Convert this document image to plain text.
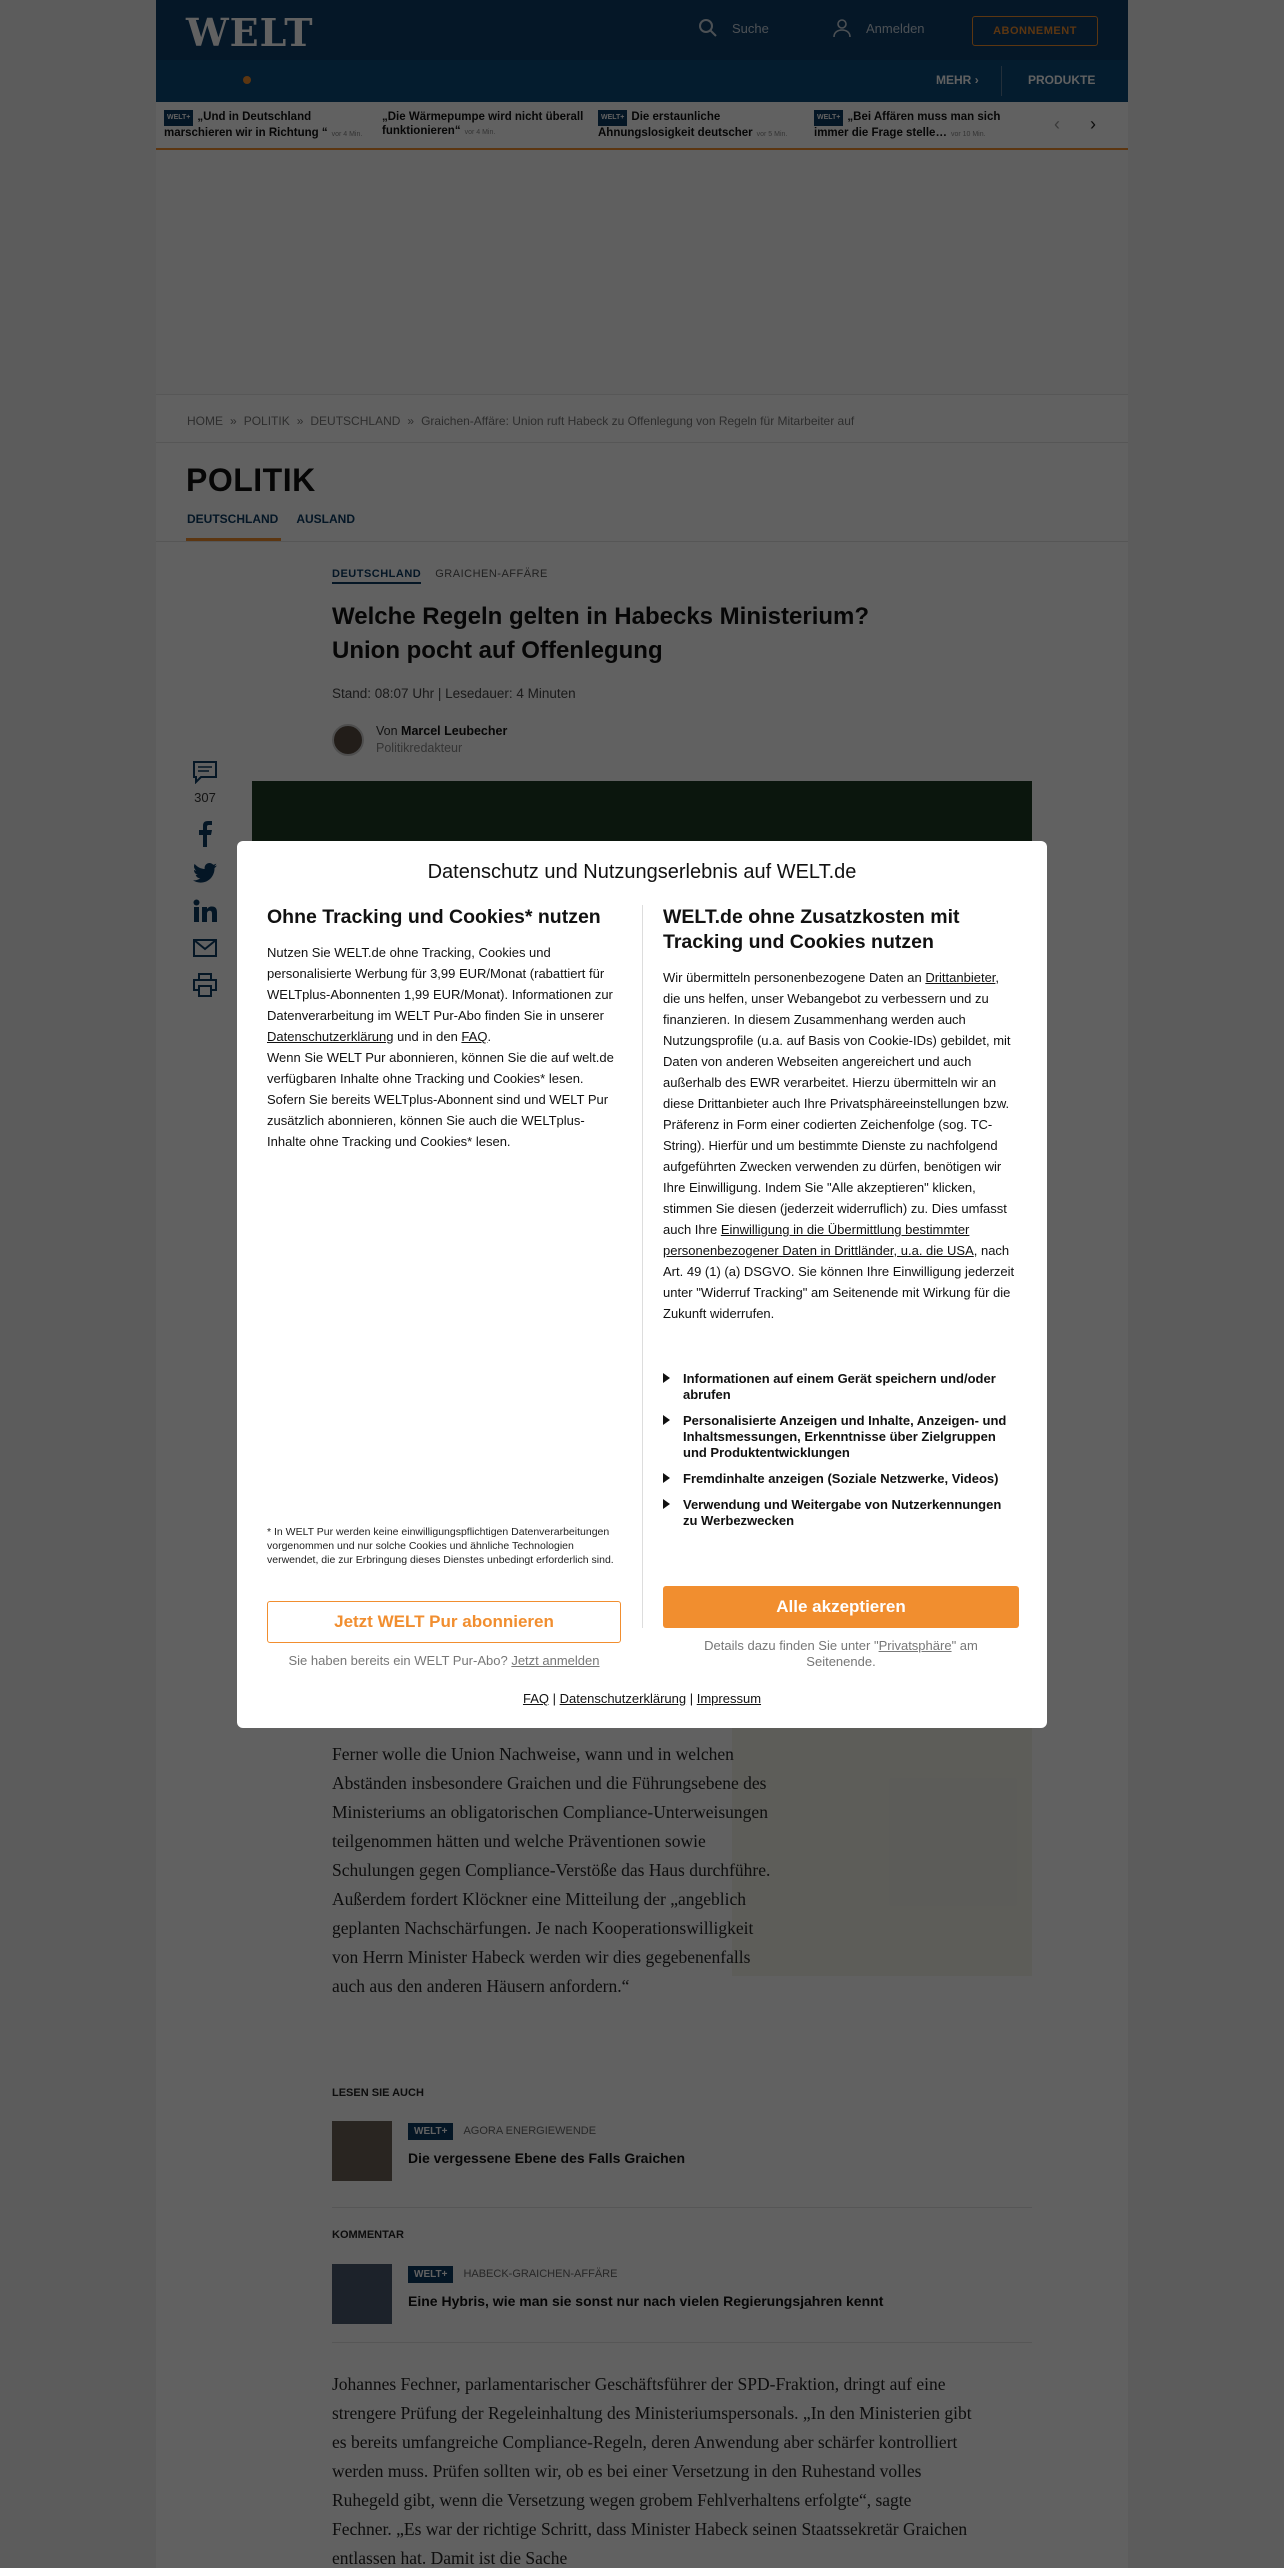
Datenschutz und Nutzungserlebnis auf WELT.de
Ohne Tracking und Cookies* nutzen

Nutzen Sie WELT.de ohne Tracking, Cookies und personalisierte Werbung für 3,99 EUR/Monat (rabattiert für WELTplus-Abonnenten 1,99 EUR/Monat). Informationen zur Datenverarbeitung im WELT Pur-Abo finden Sie in unserer Datenschutzerklärung und in den FAQ.

Wenn Sie WELT Pur abonnieren, können Sie die auf welt.de verfügbaren Inhalte ohne Tracking und Cookies* lesen. Sofern Sie bereits WELTplus-Abonnent sind und WELT Pur zusätzlich abonnieren, können Sie auch die WELTplus-Inhalte ohne Tracking und Cookies* lesen.

* In WELT Pur werden keine einwilligungspflichtigen Datenverarbeitungen vorgenommen und nur solche Cookies und ähnliche Technologien verwendet, die zur Erbringung dieses Dienstes unbedingt erforderlich sind.
Jetzt WELT Pur abonnieren
Sie haben bereits ein WELT Pur-Abo? Jetzt anmelden
WELT.de ohne Zusatzkosten mit Tracking und Cookies nutzen

Wir übermitteln personenbezogene Daten an Drittanbieter, die uns helfen, unser Webangebot zu verbessern und zu finanzieren. In diesem Zusammenhang werden auch Nutzungsprofile (u.a. auf Basis von Cookie-IDs) gebildet, mit Daten von anderen Webseiten angereichert und auch außerhalb des EWR verarbeitet. Hierzu übermitteln wir an diese Drittanbieter auch Ihre Privatsphäreeinstellungen bzw. Präferenz in Form einer codierten Zeichenfolge (sog. TC-String). Hierfür und um bestimmte Dienste zu nachfolgend aufgeführten Zwecken verwenden zu dürfen, benötigen wir Ihre Einwilligung. Indem Sie "Alle akzeptieren" klicken, stimmen Sie diesen (jederzeit widerruflich) zu. Dies umfasst auch Ihre Einwilligung in die Übermittlung bestimmter personenbezogener Daten in Drittländer, u.a. die USA, nach Art. 49 (1) (a) DSGVO. Sie können Ihre Einwilligung jederzeit unter "Widerruf Tracking" am Seitenende mit Wirkung für die Zukunft widerrufen.

Informationen auf einem Gerät speichern und/oder abrufen
Personalisierte Anzeigen und Inhalte, Anzeigen- und Inhaltsmessungen, Erkenntnisse über Zielgruppen und Produktentwicklungen
Fremdinhalte anzeigen (Soziale Netzwerke, Videos)
Verwendung und Weitergabe von Nutzerkennungen zu Werbezwecken
Alle akzeptieren
Details dazu finden Sie unter "Privatsphäre" am Seitenende.
FAQ | Datenschutzerklärung | Impressum
